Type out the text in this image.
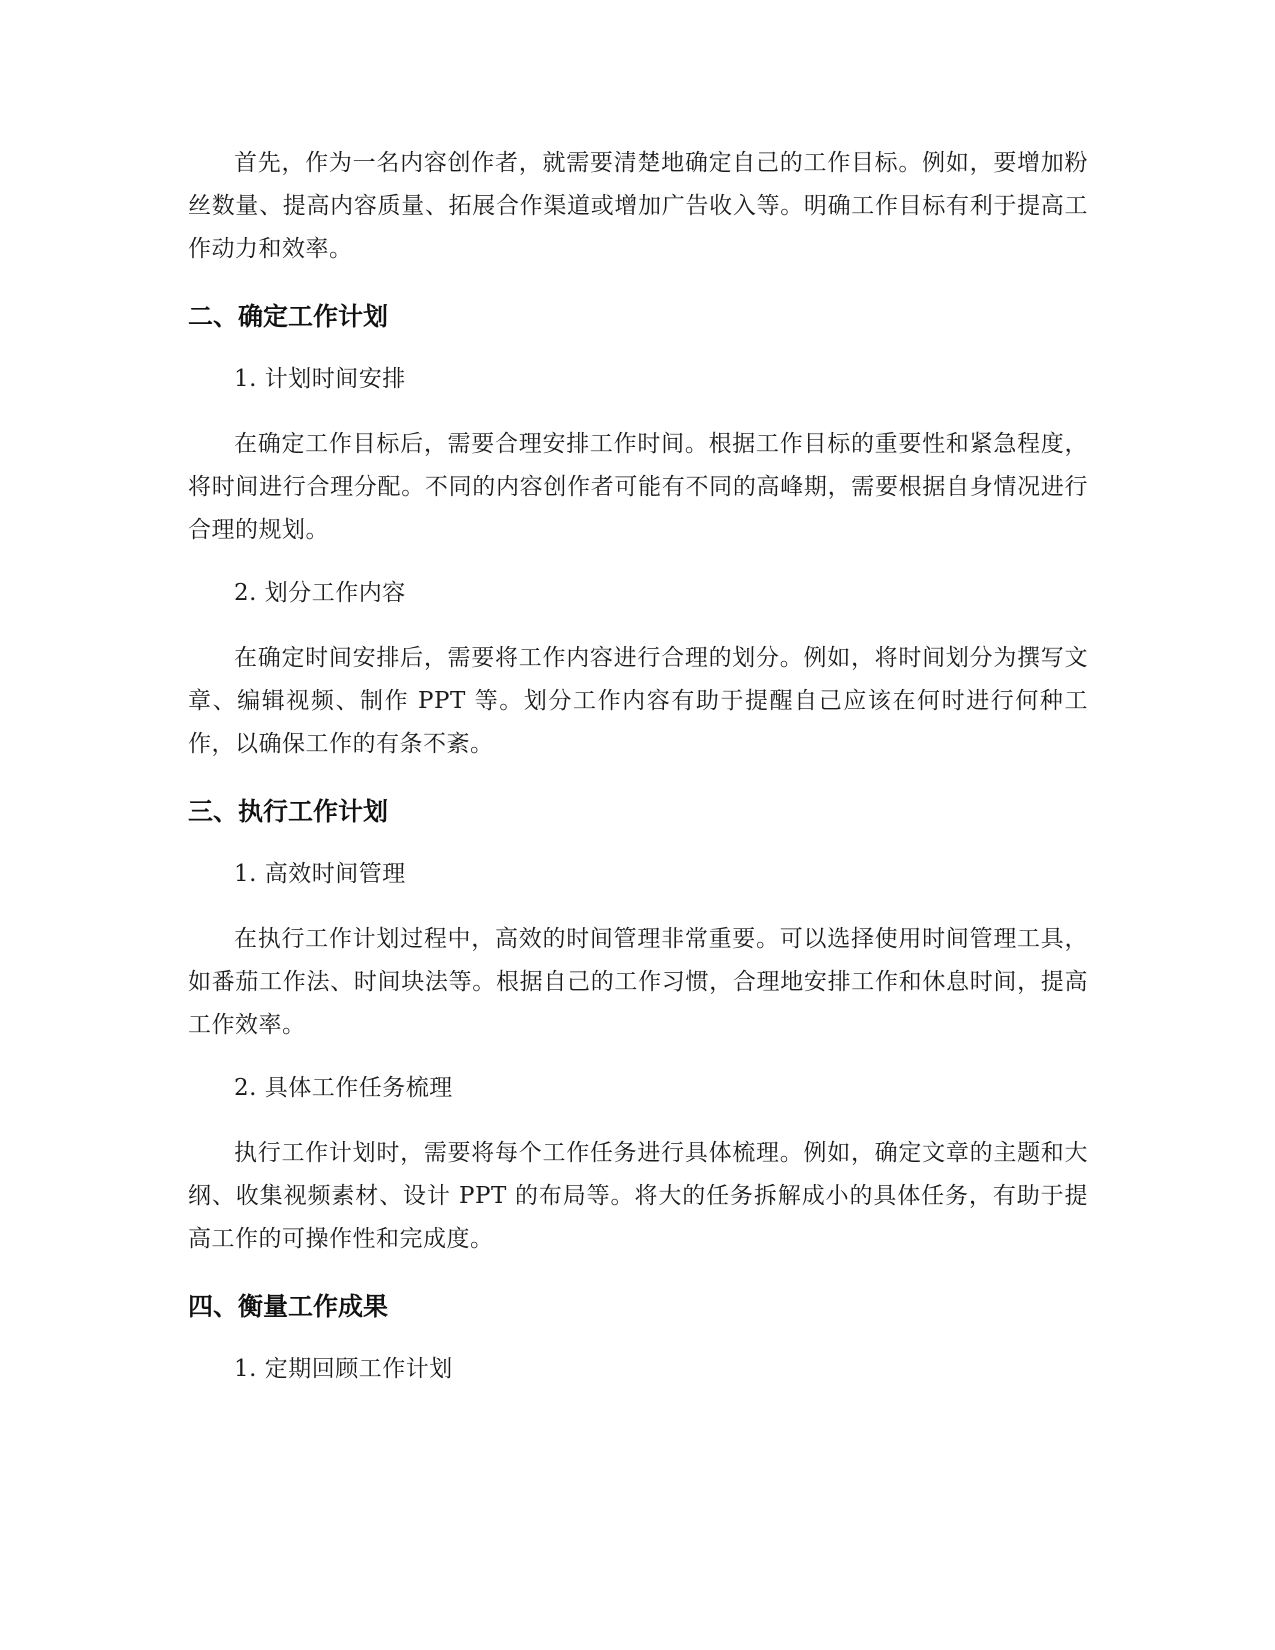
首先，作为一名内容创作者，就需要清楚地确定自己的工作目标。例如，要增加粉丝数量、提高内容质量、拓展合作渠道或增加广告收入等。明确工作目标有利于提高工作动力和效率。

二、确定工作计划

1. 计划时间安排

在确定工作目标后，需要合理安排工作时间。根据工作目标的重要性和紧急程度，将时间进行合理分配。不同的内容创作者可能有不同的高峰期，需要根据自身情况进行合理的规划。

2. 划分工作内容

在确定时间安排后，需要将工作内容进行合理的划分。例如，将时间划分为撰写文章、编辑视频、制作 PPT 等。划分工作内容有助于提醒自己应该在何时进行何种工作，以确保工作的有条不紊。

三、执行工作计划

1. 高效时间管理

在执行工作计划过程中，高效的时间管理非常重要。可以选择使用时间管理工具，如番茄工作法、时间块法等。根据自己的工作习惯，合理地安排工作和休息时间，提高工作效率。

2. 具体工作任务梳理

执行工作计划时，需要将每个工作任务进行具体梳理。例如，确定文章的主题和大纲、收集视频素材、设计 PPT 的布局等。将大的任务拆解成小的具体任务，有助于提高工作的可操作性和完成度。

四、衡量工作成果

1. 定期回顾工作计划
